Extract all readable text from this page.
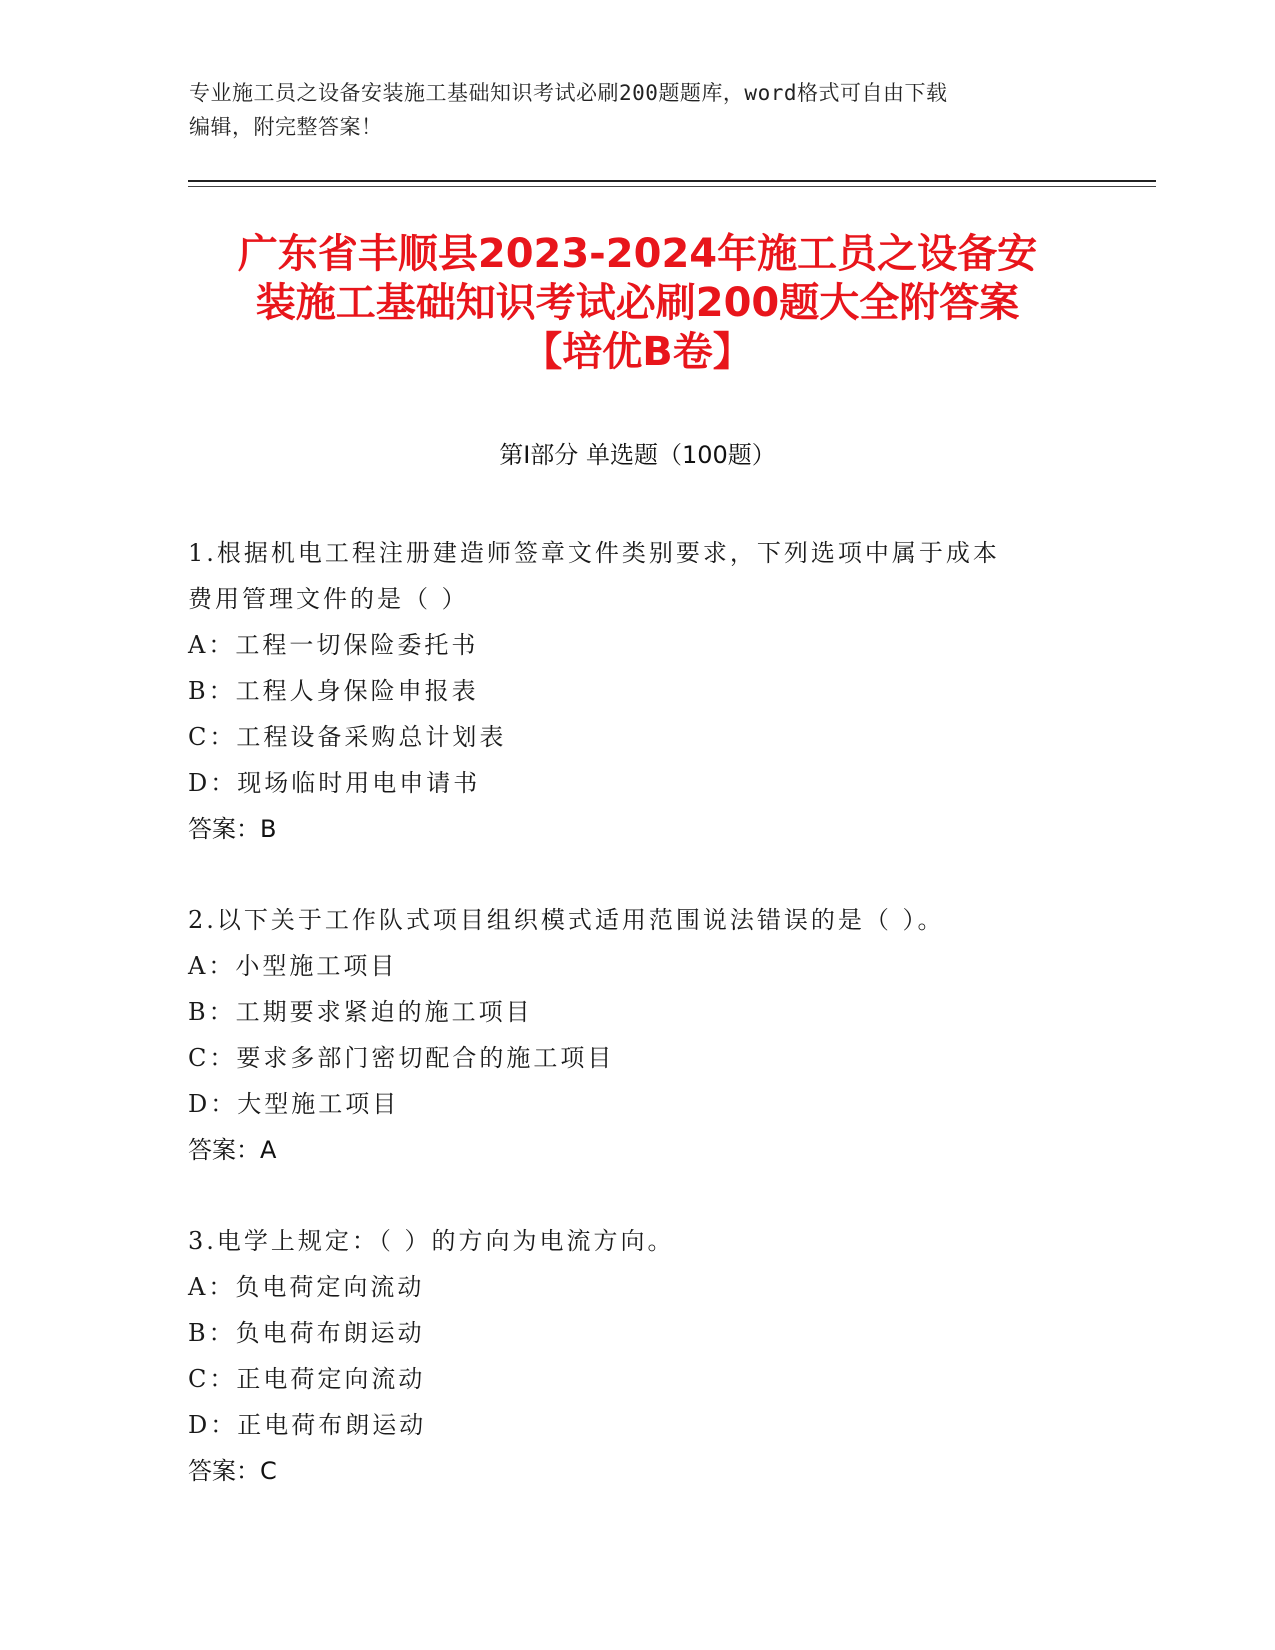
专业施工员之设备安装施工基础知识考试必刷200题题库，word格式可自由下载
编辑，附完整答案！
广东省丰顺县2023-2024年施工员之设备安
装施工基础知识考试必刷200题大全附答案
【培优B卷】
第Ⅰ部分 单选题（100题）
1.根据机电工程注册建造师签章文件类别要求，下列选项中属于成本
费用管理文件的是（ ）
A：工程一切保险委托书
B：工程人身保险申报表
C：工程设备采购总计划表
D：现场临时用电申请书
答案：B
2.以下关于工作队式项目组织模式适用范围说法错误的是（ ）。
A：小型施工项目
B：工期要求紧迫的施工项目
C：要求多部门密切配合的施工项目
D：大型施工项目
答案：A
3.电学上规定：（ ）的方向为电流方向。
A：负电荷定向流动
B：负电荷布朗运动
C：正电荷定向流动
D：正电荷布朗运动
答案：C
